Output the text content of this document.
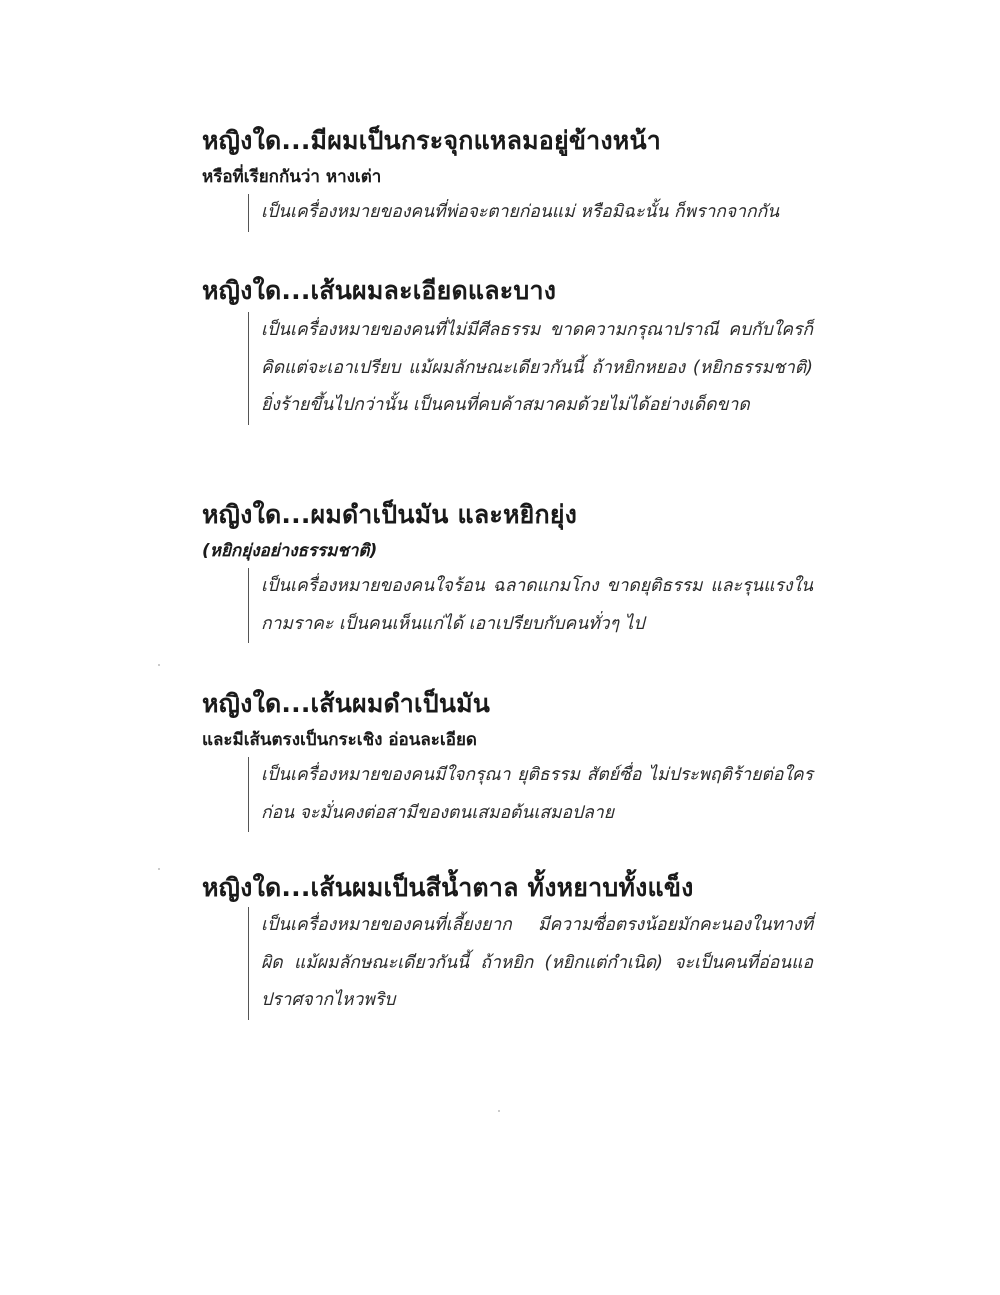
หญิงใด...มีผมเป็นกระจุกแหลมอยู่ข้างหน้า
หรือที่เรียกกันว่า หางเต่า
เป็นเครื่องหมายของคนที่พ่อจะตายก่อนแม่ หรือมิฉะนั้น ก็พรากจากกัน
หญิงใด...เส้นผมละเอียดและบาง
เป็นเครื่องหมายของคนที่ไม่มีศีลธรรม ขาดความกรุณาปราณี คบกับใครก็คิดแต่จะเอาเปรียบ แม้ผมลักษณะเดียวกันนี้ ถ้าหยิกหยอง (หยิกธรรมชาติ) ยิ่งร้ายขึ้นไปกว่านั้น เป็นคนที่คบค้าสมาคมด้วยไม่ได้อย่างเด็ดขาด
หญิงใด...ผมดำเป็นมัน และหยิกยุ่ง
(หยิกยุ่งอย่างธรรมชาติ)
เป็นเครื่องหมายของคนใจร้อน ฉลาดแกมโกง ขาดยุติธรรม และรุนแรงในกามราคะ เป็นคนเห็นแก่ได้ เอาเปรียบกับคนทั่วๆ ไป
หญิงใด...เส้นผมดำเป็นมัน
และมีเส้นตรงเป็นกระเชิง อ่อนละเอียด
เป็นเครื่องหมายของคนมีใจกรุณา ยุติธรรม สัตย์ซื่อ ไม่ประพฤติร้ายต่อใครก่อน จะมั่นคงต่อสามีของตนเสมอต้นเสมอปลาย
หญิงใด...เส้นผมเป็นสีน้ำตาล ทั้งหยาบทั้งแข็ง
เป็นเครื่องหมายของคนที่เลี้ยงยาก มีความซื่อตรงน้อยมักคะนองในทางที่ผิด แม้ผมลักษณะเดียวกันนี้ ถ้าหยิก (หยิกแต่กำเนิด) จะเป็นคนที่อ่อนแอ ปราศจากไหวพริบ
